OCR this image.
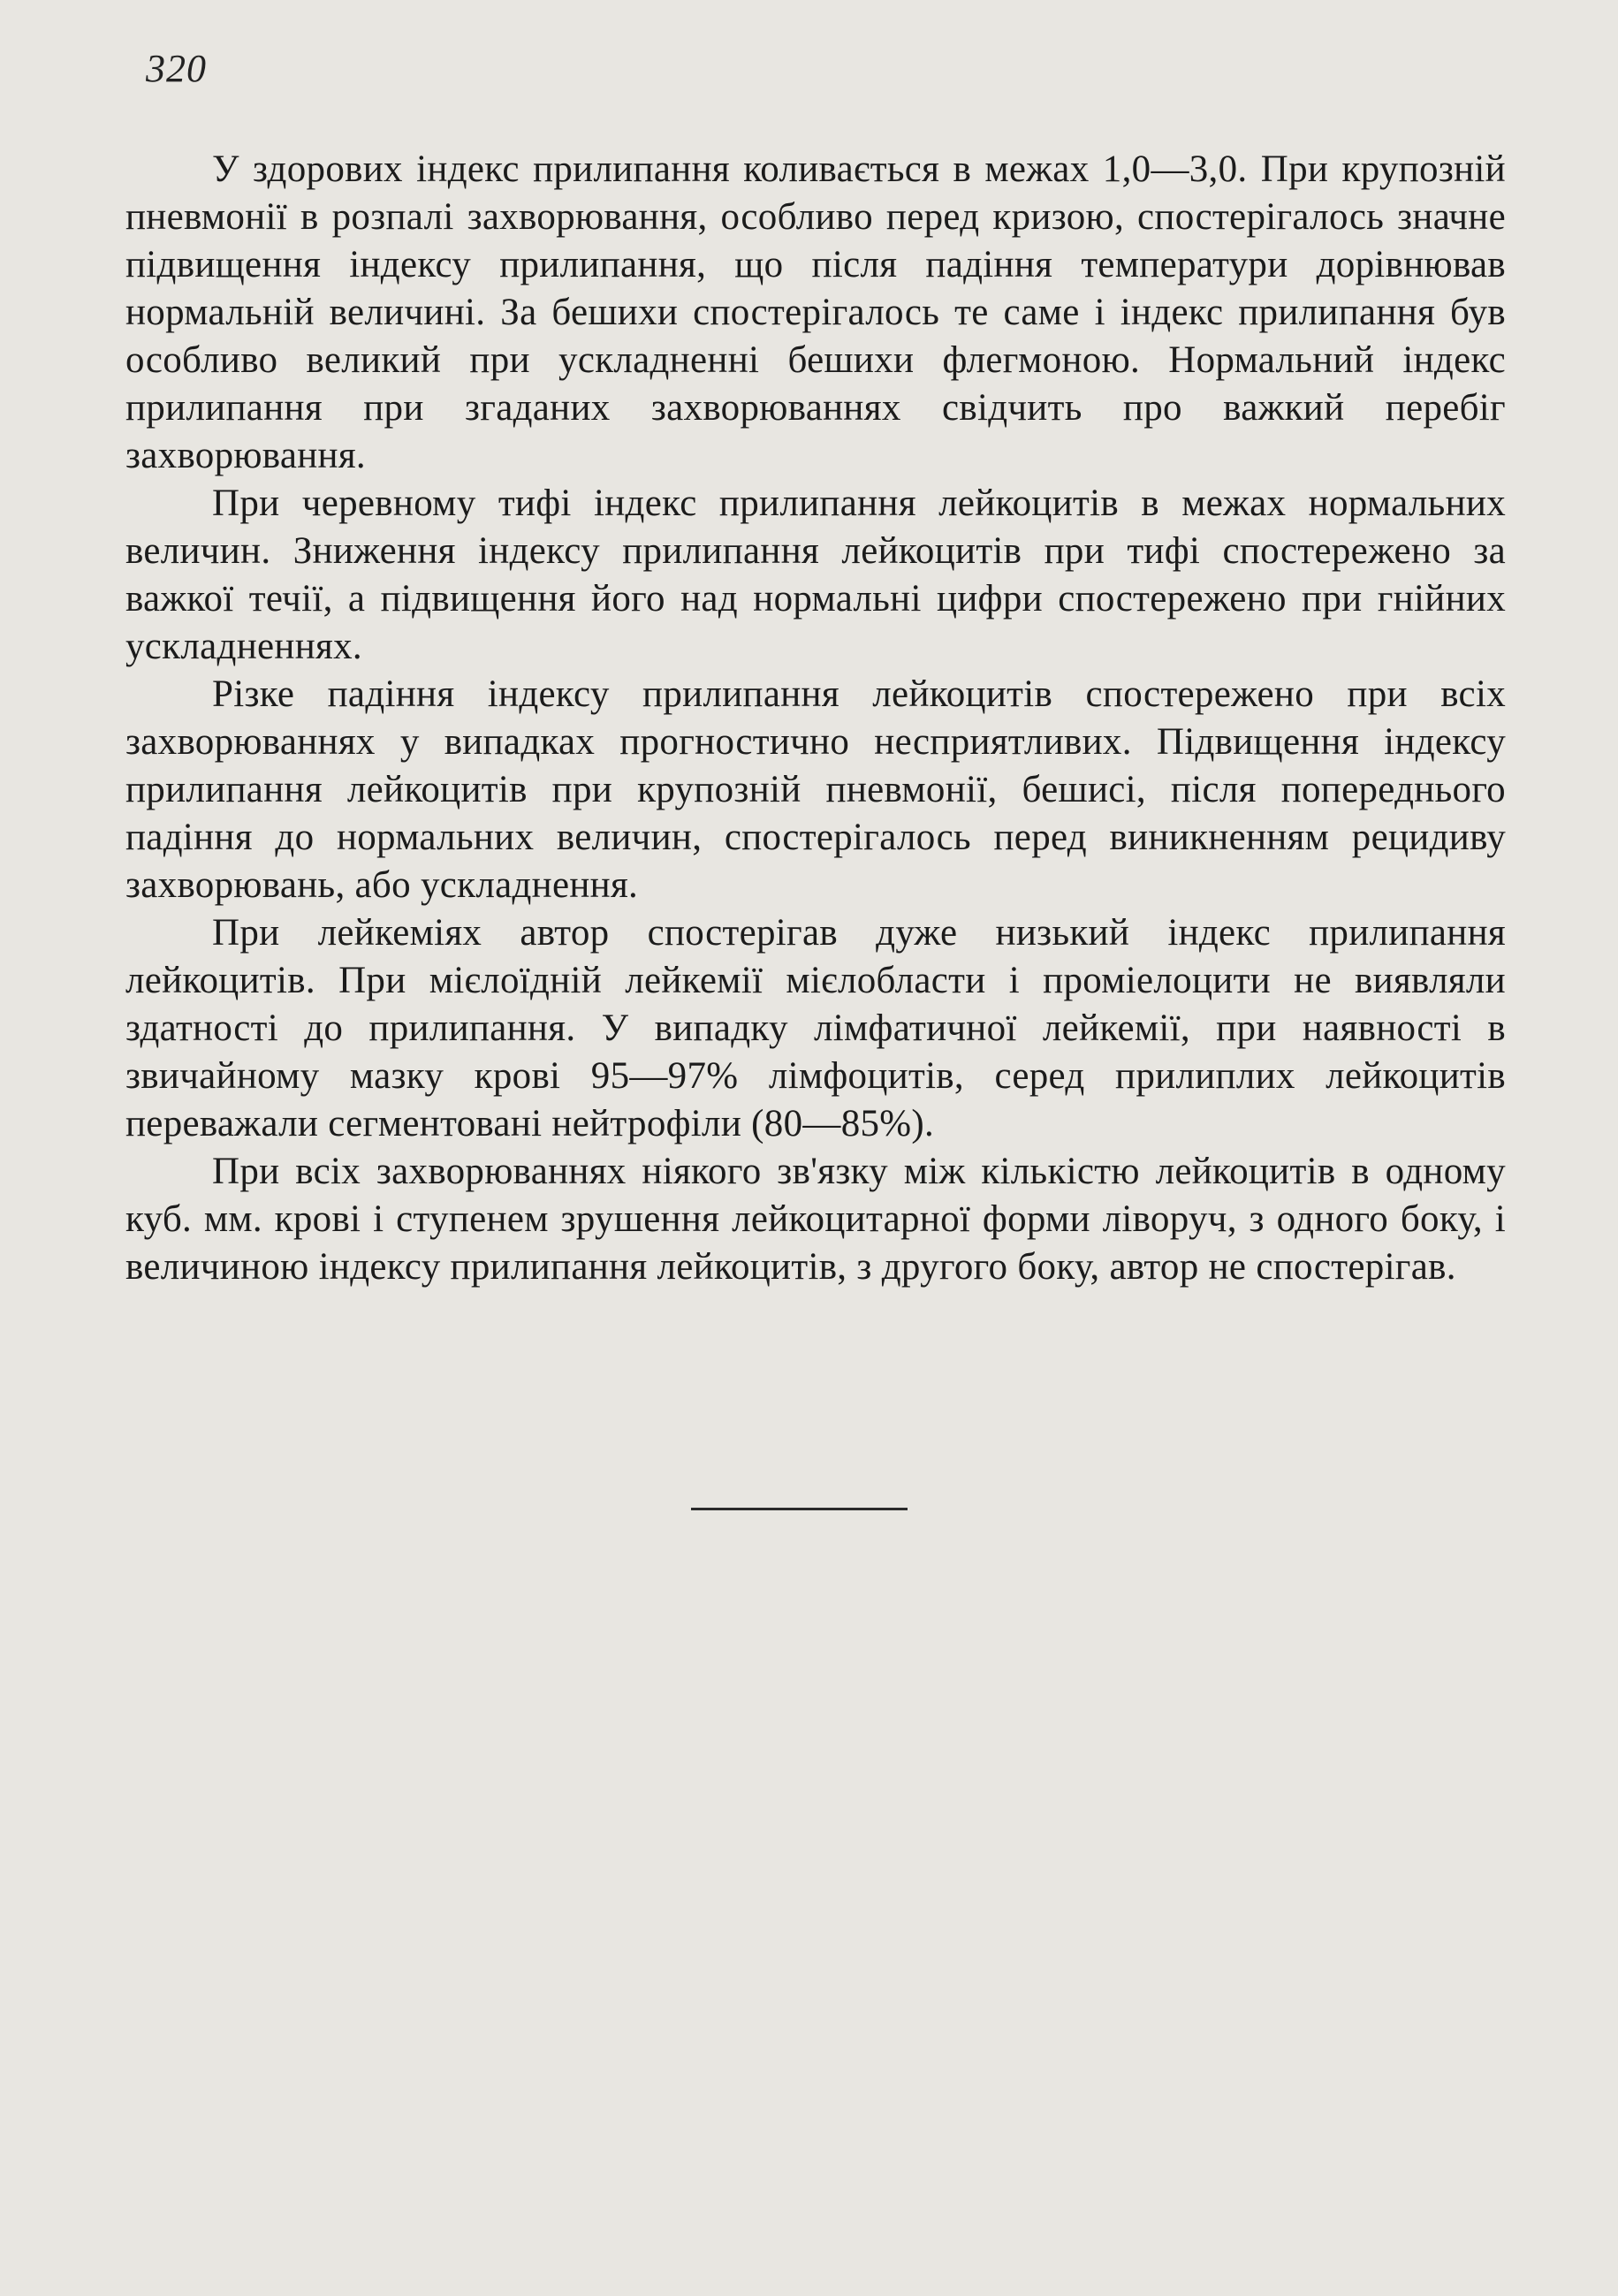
320

У здорових індекс прилипання коливається в межах 1,0—3,0. При крупозній пневмонії в розпалі захворювання, особливо перед кризою, спостерігалось значне підвищення індексу прилипання, що після падіння температури дорівнював нормальній величині. За бешихи спостерігалось те саме і індекс прилипання був особливо великий при ускладненні бешихи флегмоною. Нормальний індекс прилипання при згаданих захворюваннях свідчить про важкий перебіг захворювання.

При черевному тифі індекс прилипання лейкоцитів в межах нормальних величин. Зниження індексу прилипання лейкоцитів при тифі спостережено за важкої течії, а підвищення його над нормальні цифри спостережено при гнійних ускладненнях.

Різке падіння індексу прилипання лейкоцитів спостережено при всіх захворюваннях у випадках прогностично несприятливих. Підвищення індексу прилипання лейкоцитів при крупозній пневмонії, бешисі, після попереднього падіння до нормальних величин, спостерігалось перед виникненням рецидиву захворювань, або ускладнення.

При лейкеміях автор спостерігав дуже низький індекс прилипання лейкоцитів. При мієлоїдній лейкемії мієлобласти і проміелоцити не виявляли здатності до прилипання. У випадку лімфатичної лейкемії, при наявності в звичайному мазку крові 95—97% лімфоцитів, серед прилиплих лейкоцитів переважали сегментовані нейтрофіли (80—85%).

При всіх захворюваннях ніякого зв'язку між кількістю лейкоцитів в одному куб. мм. крові і ступенем зрушення лейкоцитарної форми ліворуч, з одного боку, і величиною індексу прилипання лейкоцитів, з другого боку, автор не спостерігав.
